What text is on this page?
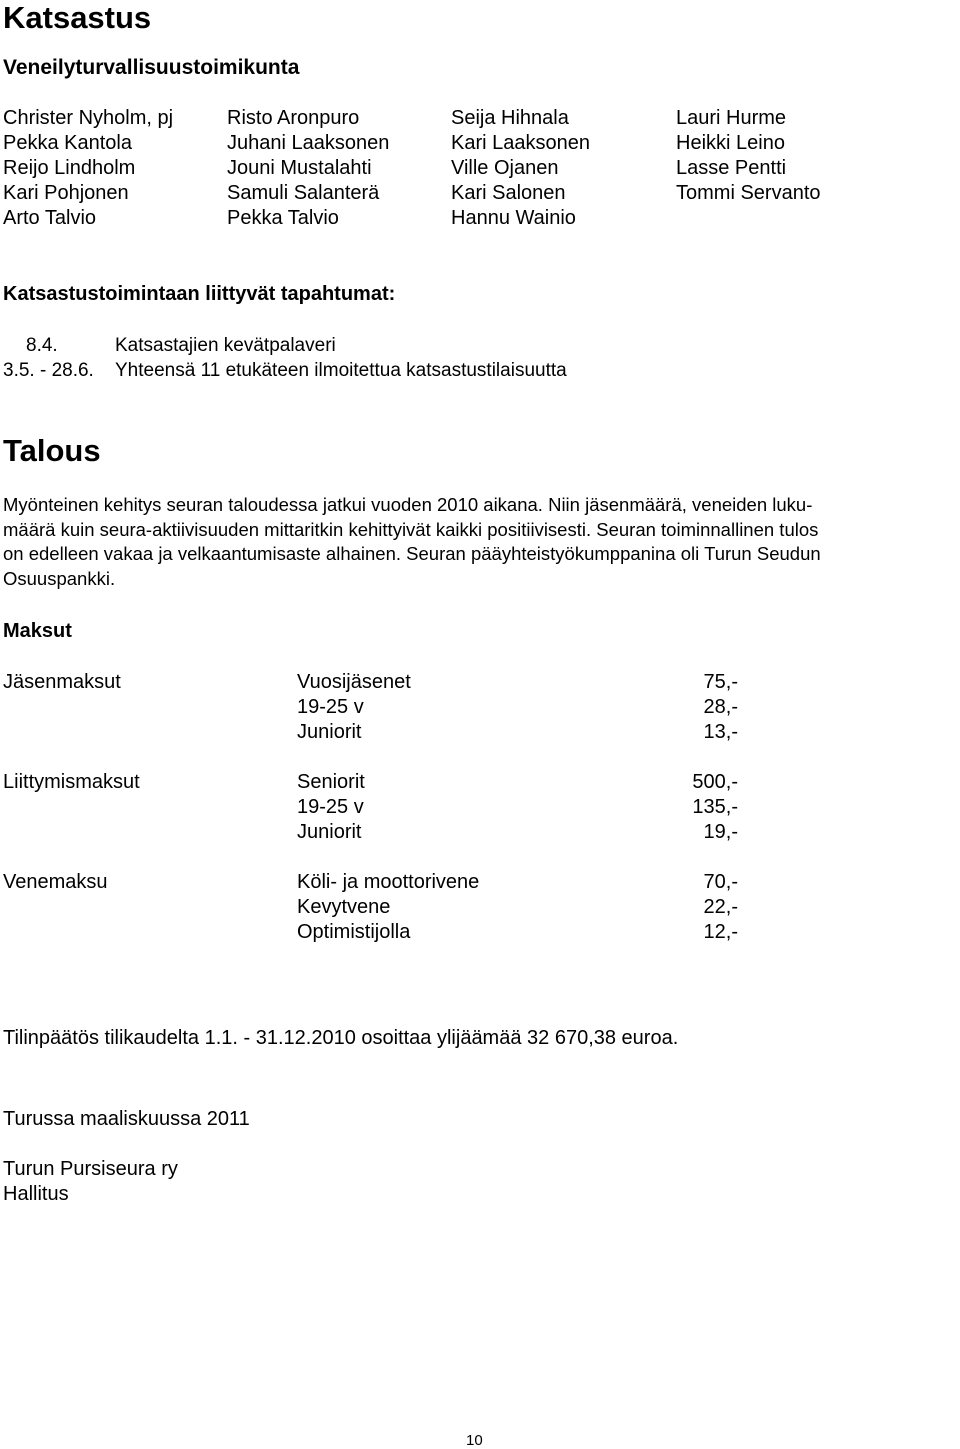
Katsastus
Veneilyturvallisuustoimikunta
Christer Nyholm, pj	Risto Aronpuro	Seija Hihnala	Lauri Hurme
Pekka Kantola	Juhani Laaksonen	Kari Laaksonen	Heikki Leino
Reijo Lindholm	Jouni Mustalahti	Ville Ojanen	Lasse Pentti
Kari Pohjonen	Samuli Salanterä	Kari Salonen	Tommi Servanto
Arto Talvio	Pekka Talvio	Hannu Wainio
Katsastustoimintaan liittyvät tapahtumat:
8.4.	Katsastajien kevätpalaveri
3.5. - 28.6. Yhteensä 11 etukäteen ilmoitettua katsastustilaisuutta
Talous
Myönteinen kehitys seuran taloudessa jatkui vuoden 2010 aikana. Niin jäsenmäärä, veneiden luku-
määrä kuin seura-aktiivisuuden mittaritkin kehittyivät kaikki positiivisesti. Seuran toiminnallinen tulos
on edelleen vakaa ja velkaantumisaste alhainen. Seuran pääyhteistyökumppanina oli Turun Seudun
Osuuspankki.
Maksut
Jäsenmaksut	Vuosijäsenet	75,-
19-25 v	28,-
Juniorit	13,-
Liittymismaksut	Seniorit	500,-
19-25 v	135,-
Juniorit	19,-
Venemaksu	Köli- ja moottorivene	70,-
Kevytvene	22,-
Optimistijolla	12,-
Tilinpäätös tilikaudelta 1.1. - 31.12.2010 osoittaa ylijäämää 32 670,38 euroa.
Turussa maaliskuussa 2011
Turun Pursiseura ry
Hallitus
10
